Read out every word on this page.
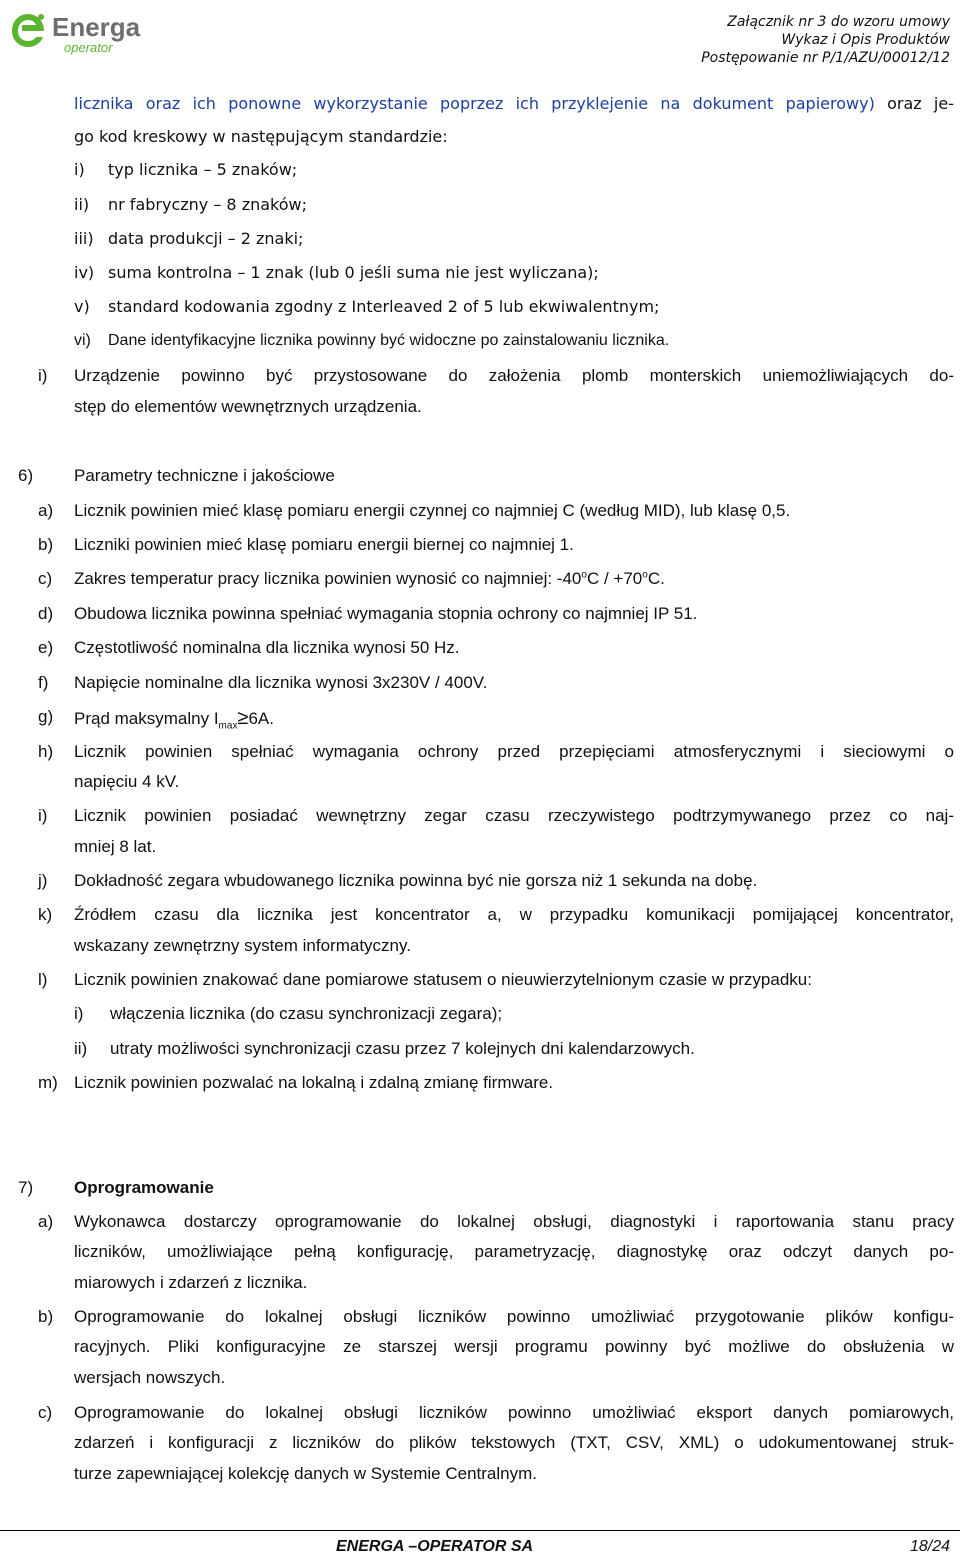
Energa
operator
Załącznik nr 3 do wzoru umowy
Wykaz i Opis Produktów
Postępowanie nr P/1/AZU/00012/12
licznika oraz ich ponowne wykorzystanie poprzez ich przyklejenie na dokument papierowy) oraz je-
go kod kreskowy w następującym standardzie:
i) typ licznika – 5 znaków;
ii) nr fabryczny – 8 znaków;
iii) data produkcji – 2 znaki;
iv) suma kontrolna – 1 znak (lub 0 jeśli suma nie jest wyliczana);
v) standard kodowania zgodny z Interleaved 2 of 5 lub ekwiwalentnym;
vi) Dane identyfikacyjne licznika powinny być widoczne po zainstalowaniu licznika.
i) Urządzenie powinno być przystosowane do założenia plomb monterskich uniemożliwiających do-
stęp do elementów wewnętrznych urządzenia.
6) Parametry techniczne i jakościowe
a) Licznik powinien mieć klasę pomiaru energii czynnej co najmniej C (według MID), lub klasę 0,5.
b) Liczniki powinien mieć klasę pomiaru energii biernej co najmniej 1.
c) Zakres temperatur pracy licznika powinien wynosić co najmniej: $-40^oC / +70^oC$.
d) Obudowa licznika powinna spełniać wymagania stopnia ochrony co najmniej IP 51.
e) Częstotliwość nominalna dla licznika wynosi 50 Hz.
f) Napięcie nominalne dla licznika wynosi 3x230V / 400V.
g) Prąd maksymalny $I_{max}\ge 6A$.
h) Licznik powinien spełniać wymagania ochrony przed przepięciami atmosferycznymi i sieciowymi o
napięciu 4 kV.
i) Licznik powinien posiadać wewnętrzny zegar czasu rzeczywistego podtrzymywanego przez co naj-
mniej 8 lat.
j) Dokładność zegara wbudowanego licznika powinna być nie gorsza niż 1 sekunda na dobę.
k) Źródłem czasu dla licznika jest koncentrator a, w przypadku komunikacji pomijającej koncentrator,
wskazany zewnętrzny system informatyczny.
l) Licznik powinien znakować dane pomiarowe statusem o nieuwierzytelnionym czasie w przypadku:
i) włączenia licznika (do czasu synchronizacji zegara);
ii) utraty możliwości synchronizacji czasu przez 7 kolejnych dni kalendarzowych.
m) Licznik powinien pozwalać na lokalną i zdalną zmianę firmware.
7) Oprogramowanie
a) Wykonawca dostarczy oprogramowanie do lokalnej obsługi, diagnostyki i raportowania stanu pracy
liczników, umożliwiające pełną konfigurację, parametryzację, diagnostykę oraz odczyt danych po-
miarowych i zdarzeń z licznika.
b) Oprogramowanie do lokalnej obsługi liczników powinno umożliwiać przygotowanie plików konfigu-
racyjnych. Pliki konfiguracyjne ze starszej wersji programu powinny być możliwe do obsłużenia w
wersjach nowszych.
c) Oprogramowanie do lokalnej obsługi liczników powinno umożliwiać eksport danych pomiarowych,
zdarzeń i konfiguracji z liczników do plików tekstowych (TXT, CSV, XML) o udokumentowanej struk-
turze zapewniającej kolekcję danych w Systemie Centralnym.
ENERGA –OPERATOR SA	18/24
